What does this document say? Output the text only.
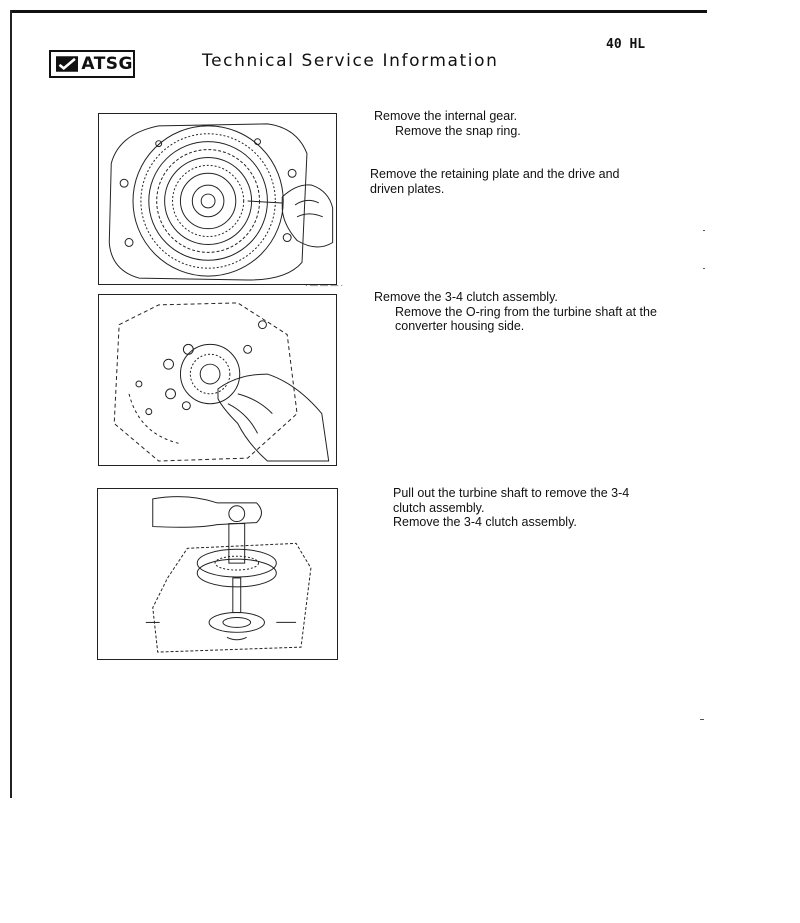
ATSG	Technical Service Information
40 HL
· — — — ·
Remove the internal gear.
Remove the snap ring.
Remove the retaining plate and the drive and
driven plates.
Remove the 3-4 clutch assembly.
Remove the O-ring from the turbine shaft at the
converter housing side.
Pull out the turbine shaft to remove the 3-4
clutch assembly.
Remove the 3-4 clutch assembly.
